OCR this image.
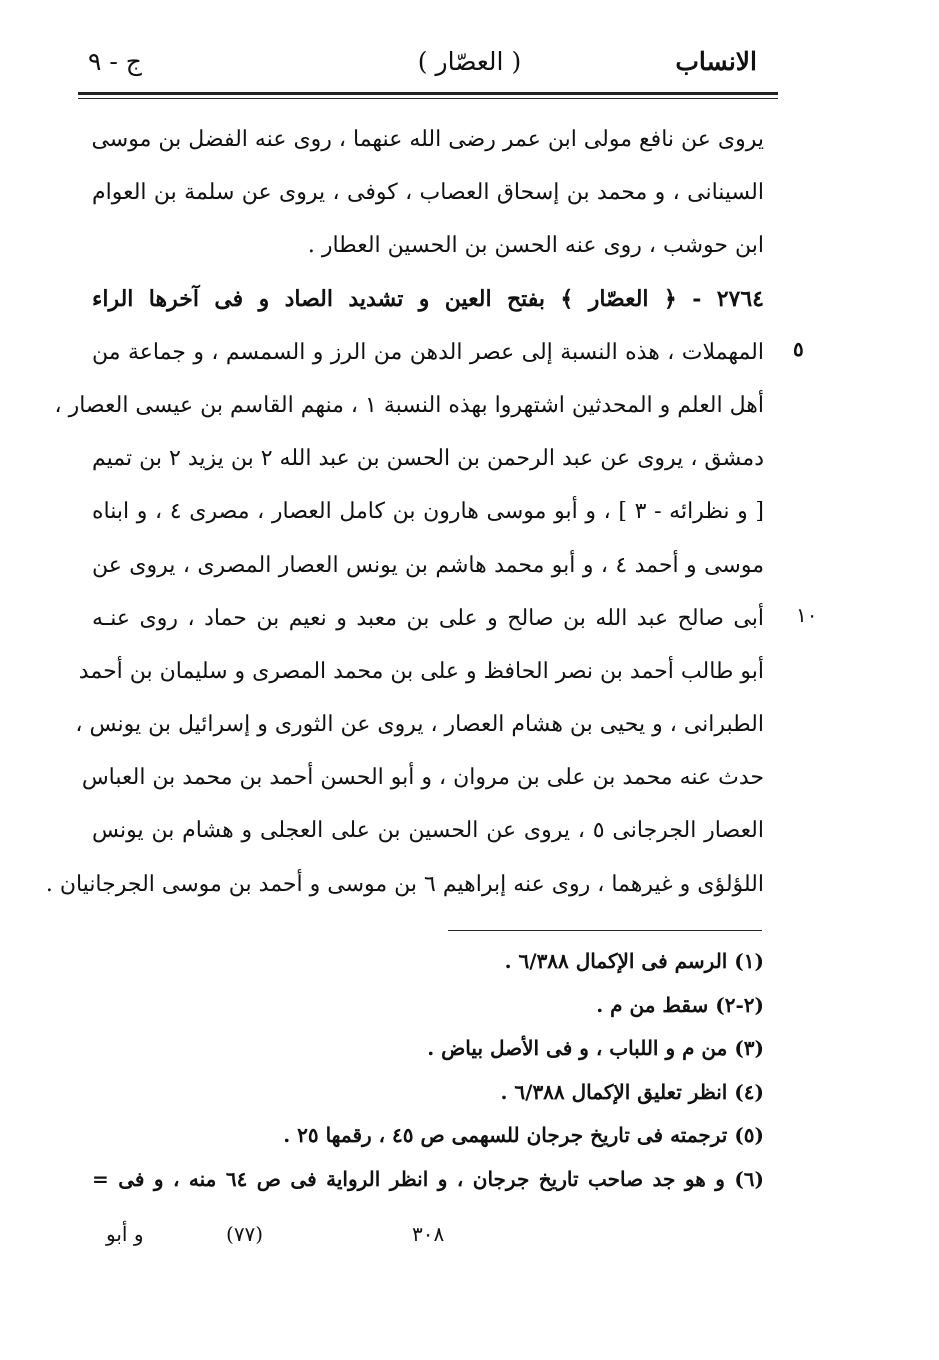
الانساب
( العصّار )
ج - ٩
٥
١٠
يروى عن نافع مولى ابن عمر رضى الله عنهما ، روى عنه الفضل بن موسى
السينانى ، و محمد بن إسحاق العصاب ، كوفى ، يروى عن سلمة بن العوام
ابن حوشب ، روى عنه الحسن بن الحسين العطار .
٢٧٦٤ - ﴿ العصّار ﴾ بفتح العين و تشديد الصاد و فى آخرها الراء
المهملات ، هذه النسبة إلى عصر الدهن من الرز و السمسم ، و جماعة من
أهل العلم و المحدثين اشتهروا بهذه النسبة ١ ، منهم القاسم بن عيسى العصار ،
دمشق ، يروى عن عبد الرحمن بن الحسن بن عبد الله ٢ بن يزيد ٢ بن تميم
[ و نظرائه - ٣ ] ، و أبو موسى هارون بن كامل العصار ، مصرى ٤ ، و ابناه
موسى و أحمد ٤ ، و أبو محمد هاشم بن يونس العصار المصرى ، يروى عن
أبى صالح عبد الله بن صالح و على بن معبد و نعيم بن حماد ، روى عنـه
أبو طالب أحمد بن نصر الحافظ و على بن محمد المصرى و سليمان بن أحمد
الطبرانى ، و يحيى بن هشام العصار ، يروى عن الثورى و إسرائيل بن يونس ،
حدث عنه محمد بن على بن مروان ، و أبو الحسن أحمد بن محمد بن العباس
العصار الجرجانى ٥ ، يروى عن الحسين بن على العجلى و هشام بن يونس
اللؤلؤى و غيرهما ، روى عنه إبراهيم ٦ بن موسى و أحمد بن موسى الجرجانيان .
(١) الرسم فى الإكمال ٦/٣٨٨ .
(٢-٢) سقط من م .
(٣) من م و اللباب ، و فى الأصل بياض .
(٤) انظر تعليق الإكمال ٦/٣٨٨ .
(٥) ترجمته فى تاريخ جرجان للسهمى ص ٤٥ ، رقمها ٢٥ .
(٦) و هو جد صاحب تاريخ جرجان ، و انظر الرواية فى ص ٦٤ منه ، و فى =
٣٠٨
(٧٧)
و أبو
